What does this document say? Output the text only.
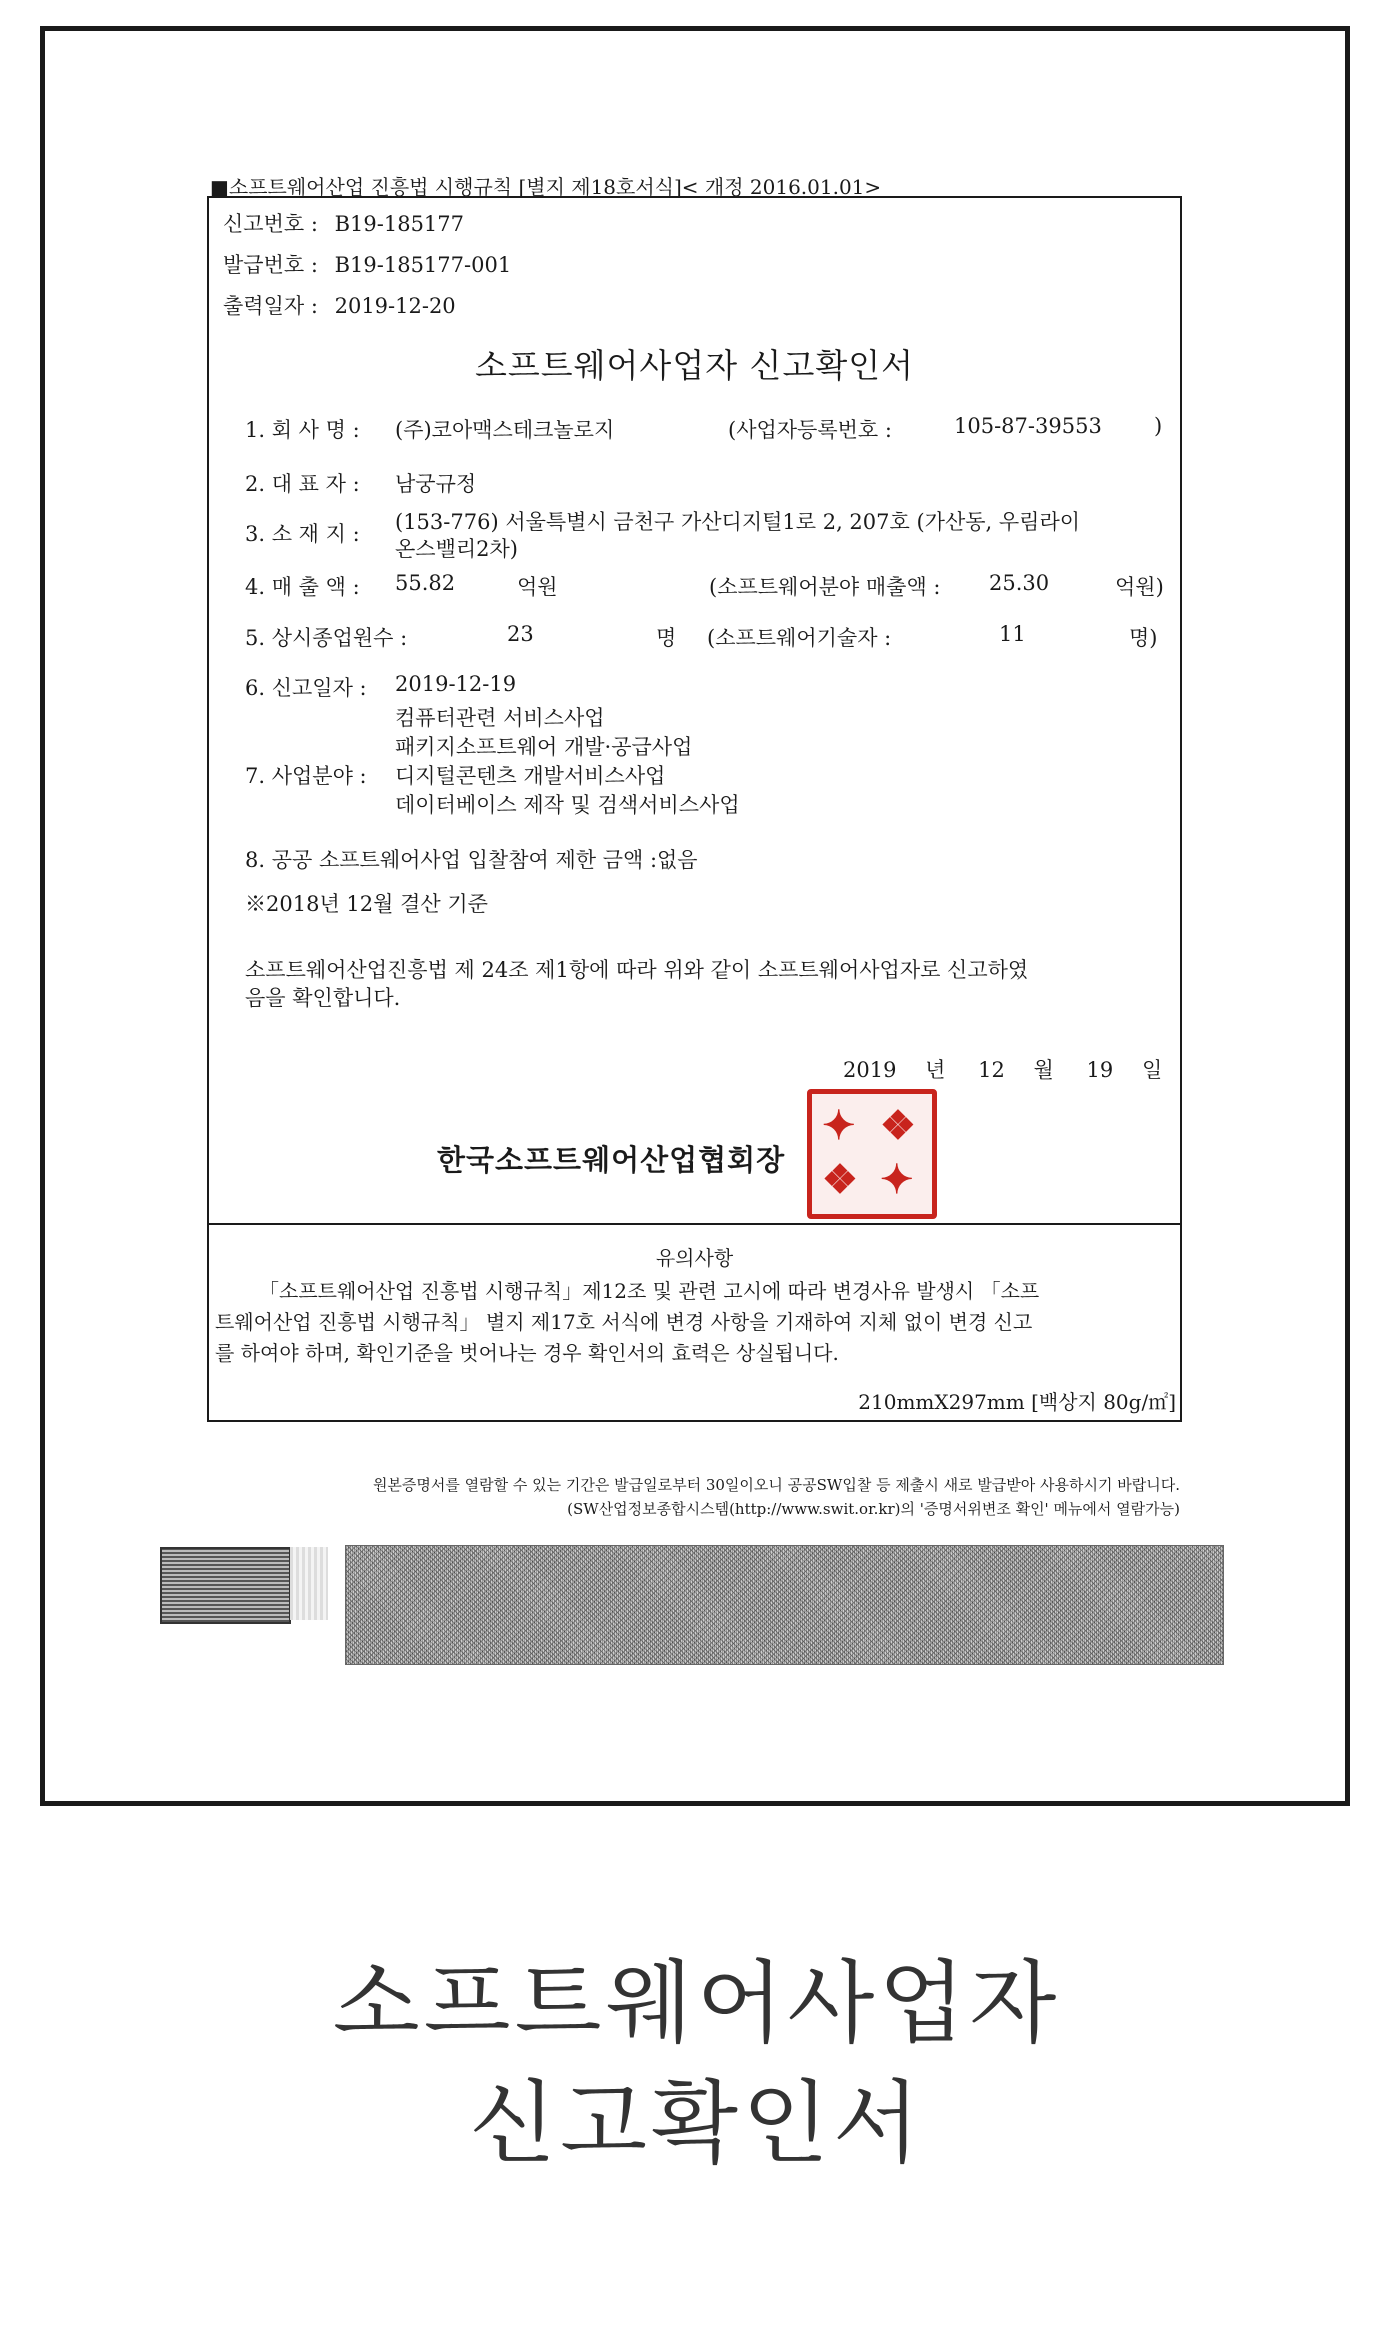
■소프트웨어산업 진흥법 시행규칙 [별지 제18호서식]< 개정 2016.01.01>
신고번호 : B19-185177
발급번호 : B19-185177-001
출력일자 : 2019-12-20
소프트웨어사업자 신고확인서
1. 회 사 명 : (주)코아맥스테크놀로지	(사업자등록번호 :	105-87-39553 )
2. 대 표 자 : 남궁규정
3. 소 재 지 : (153-776) 서울특별시 금천구 가산디지털1로 2, 207호 (가산동, 우림라이
온스밸리2차)
4. 매 출 액 : 55.82	억원	(소프트웨어분야 매출액 : 25.30	억원)
5. 상시종업원수 :	23	명 (소프트웨어기술자 :	11	명)
6. 신고일자 : 2019-12-19
컴퓨터관련 서비스사업
패키지소프트웨어 개발·공급사업
7. 사업분야 : 디지털콘텐츠 개발서비스사업
데이터베이스 제작 및 검색서비스사업
8. 공공 소프트웨어사업 입찰참여 제한 금액 :없음
※2018년 12월 결산 기준
소프트웨어산업진흥법 제 24조 제1항에 따라 위와 같이 소프트웨어사업자로 신고하였
음을 확인합니다.
2019 년 12 월 19 일
한국소프트웨어산업협회장
✦ ❖
❖ ✦
유의사항
「소프트웨어산업 진흥법 시행규칙」제12조 및 관련 고시에 따라 변경사유 발생시 「소프
트웨어산업 진흥법 시행규칙」 별지 제17호 서식에 변경 사항을 기재하여 지체 없이 변경 신고
를 하여야 하며, 확인기준을 벗어나는 경우 확인서의 효력은 상실됩니다.
210mmX297mm [백상지 80g/㎡]
원본증명서를 열람할 수 있는 기간은 발급일로부터 30일이오니 공공SW입찰 등 제출시 새로 발급받아 사용하시기 바랍니다.
(SW산업정보종합시스템(http://www.swit.or.kr)의 '증명서위변조 확인' 메뉴에서 열람가능)
소프트웨어사업자
신고확인서
